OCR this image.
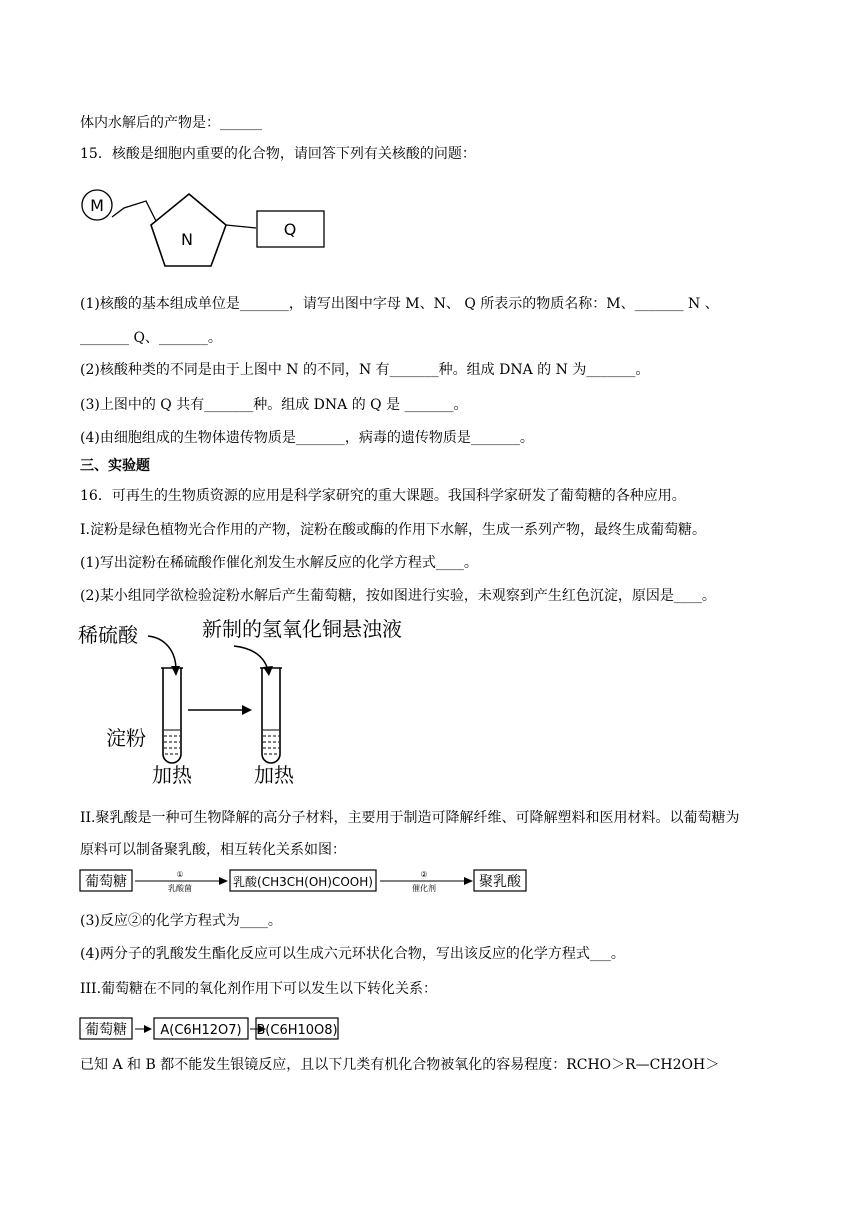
体内水解后的产物是：______
15．核酸是细胞内重要的化合物，请回答下列有关核酸的问题：
M
N
Q
(1)核酸的基本组成单位是_______，请写出图中字母 M、N、 Q 所表示的物质名称：M、_______ N 、
_______ Q、_______。
(2)核酸种类的不同是由于上图中 N 的不同，N 有_______种。组成 DNA 的 N 为_______。
(3)上图中的 Q 共有_______种。组成 DNA 的 Q 是 _______。
(4)由细胞组成的生物体遗传物质是_______，病毒的遗传物质是_______。
三、实验题
16．可再生的生物质资源的应用是科学家研究的重大课题。我国科学家研发了葡萄糖的各种应用。
I.淀粉是绿色植物光合作用的产物，淀粉在酸或酶的作用下水解，生成一系列产物，最终生成葡萄糖。
(1)写出淀粉在稀硫酸作催化剂发生水解反应的化学方程式____。
(2)某小组同学欲检验淀粉水解后产生葡萄糖，按如图进行实验，未观察到产生红色沉淀，原因是____。
稀硫酸	新制的氢氧化铜悬浊液
淀粉
加热	加热
II.聚乳酸是一种可生物降解的高分子材料，主要用于制造可降解纤维、可降解塑料和医用材料。以葡萄糖为
原料可以制备聚乳酸，相互转化关系如图：
葡萄糖	①
乳酸菌	乳酸(CH3CH(OH)COOH)
②
催化剂	聚乳酸
(3)反应②的化学方程式为____。
(4)两分子的乳酸发生酯化反应可以生成六元环状化合物，写出该反应的化学方程式___。
III.葡萄糖在不同的氧化剂作用下可以发生以下转化关系：
葡萄糖	A(C6H12O7) B(C6H10O8)
已知 A 和 B 都不能发生银镜反应，且以下几类有机化合物被氧化的容易程度：RCHO＞R—CH2OH＞
